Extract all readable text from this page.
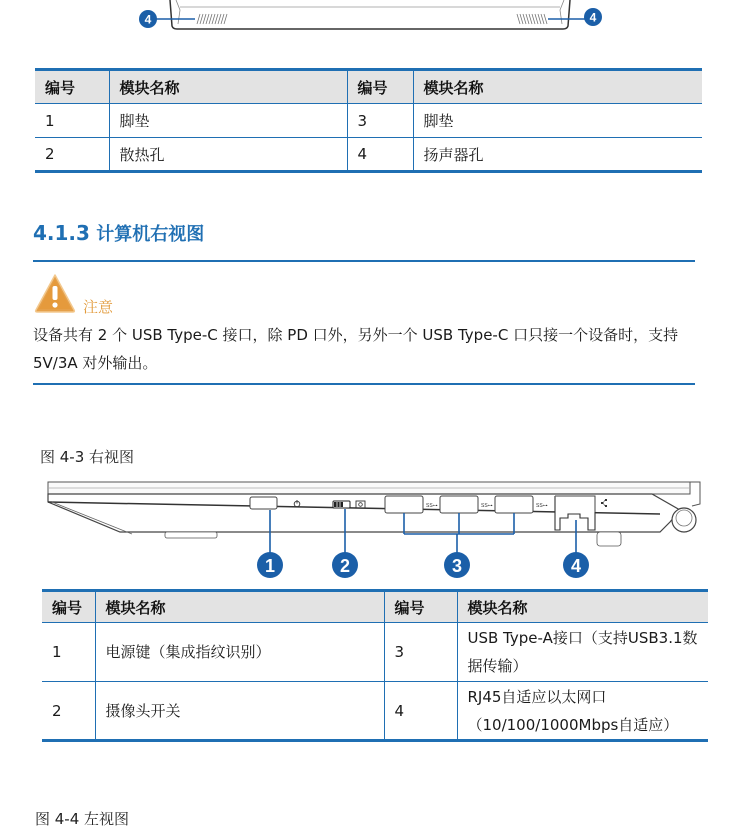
4	4
编号	模块名称	编号	模块名称
1	脚垫	3	脚垫
2	散热孔	4	扬声器孔
4.1.3 计算机右视图
注意
设备共有 2 个 USB Type-C 接口，除 PD 口外，另外一个 USB Type-C 口只接一个设备时，支持 5V/3A 对外输出。
图 4-3 右视图
SS⊶	SS⊶	SS⊶
1	2	3	4
编号	模块名称	编号	模块名称
1	电源键（集成指纹识别）	3	USB Type-A接口（支持USB3.1数据传输）
2	摄像头开关	4	RJ45自适应以太网口（10/100/1000Mbps自适应）
图 4-4 左视图
